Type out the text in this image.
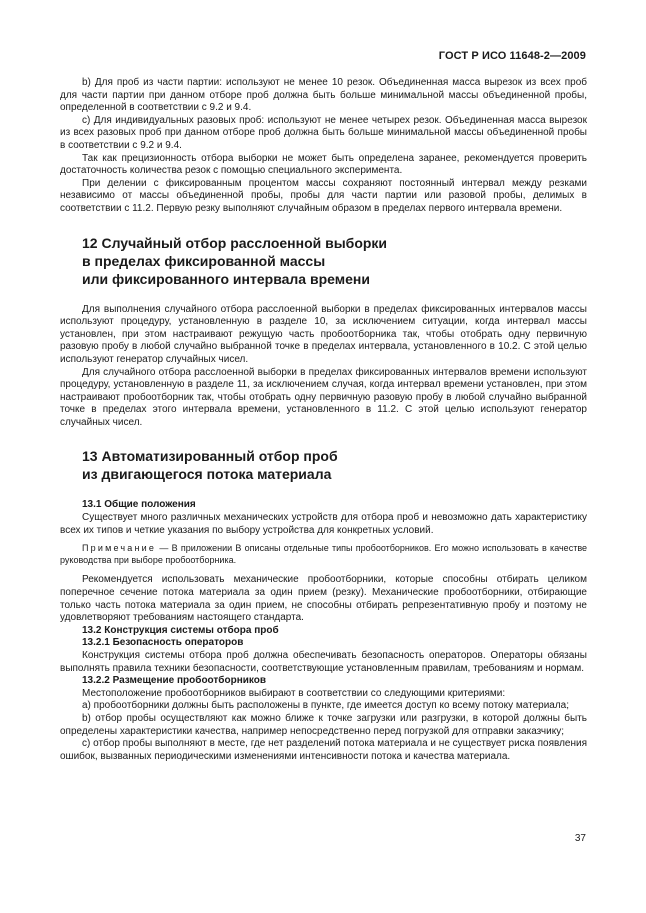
ГОСТ Р ИСО 11648-2—2009

b) Для проб из части партии: используют не менее 10 резок. Объединенная масса вырезок из всех проб для части партии при данном отборе проб должна быть больше минимальной массы объединенной пробы, определенной в соответствии с 9.2 и 9.4.

c) Для индивидуальных разовых проб: используют не менее четырех резок. Объединенная масса вырезок из всех разовых проб при данном отборе проб должна быть больше минимальной массы объединенной пробы в соответствии с 9.2 и 9.4.

Так как прецизионность отбора выборки не может быть определена заранее, рекомендуется проверить достаточность количества резок с помощью специального эксперимента.

При делении с фиксированным процентом массы сохраняют постоянный интервал между резками независимо от массы объединенной пробы, пробы для части партии или разовой пробы, делимых в соответствии с 11.2. Первую резку выполняют случайным образом в пределах первого интервала времени.

12 Случайный отбор расслоенной выборки
в пределах фиксированной массы
или фиксированного интервала времени

Для выполнения случайного отбора расслоенной выборки в пределах фиксированных интервалов массы используют процедуру, установленную в разделе 10, за исключением ситуации, когда интервал массы установлен, при этом настраивают режущую часть пробоотборника так, чтобы отобрать одну первичную разовую пробу в любой случайно выбранной точке в пределах интервала, установленного в 10.2. С этой целью используют генератор случайных чисел.

Для случайного отбора расслоенной выборки в пределах фиксированных интервалов времени используют процедуру, установленную в разделе 11, за исключением случая, когда интервал времени установлен, при этом настраивают пробоотборник так, чтобы отобрать одну первичную разовую пробу в любой случайно выбранной точке в пределах этого интервала времени, установленного в 11.2. С этой целью используют генератор случайных чисел.

13 Автоматизированный отбор проб
из двигающегося потока материала
13.1 Общие положения

Существует много различных механических устройств для отбора проб и невозможно дать характеристику всех их типов и четкие указания по выбору устройства для конкретных условий.

Примечание — В приложении В описаны отдельные типы пробоотборников. Его можно использовать в качестве руководства при выборе пробоотборника.

Рекомендуется использовать механические пробоотборники, которые способны отбирать целиком поперечное сечение потока материала за один прием (резку). Механические пробоотборники, отбирающие только часть потока материала за один прием, не способны отбирать репрезентативную пробу и поэтому не удовлетворяют требованиям настоящего стандарта.

13.2 Конструкция системы отбора проб
13.2.1 Безопасность операторов

Конструкция системы отбора проб должна обеспечивать безопасность операторов. Операторы обязаны выполнять правила техники безопасности, соответствующие установленным правилам, требованиям и нормам.

13.2.2 Размещение пробоотборников

Местоположение пробоотборников выбирают в соответствии со следующими критериями:

a) пробоотборники должны быть расположены в пункте, где имеется доступ ко всему потоку материала;

b) отбор пробы осуществляют как можно ближе к точке загрузки или разгрузки, в которой должны быть определены характеристики качества, например непосредственно перед погрузкой для отправки заказчику;

c) отбор пробы выполняют в месте, где нет разделений потока материала и не существует риска появления ошибок, вызванных периодическими изменениями интенсивности потока и качества материала.

37
